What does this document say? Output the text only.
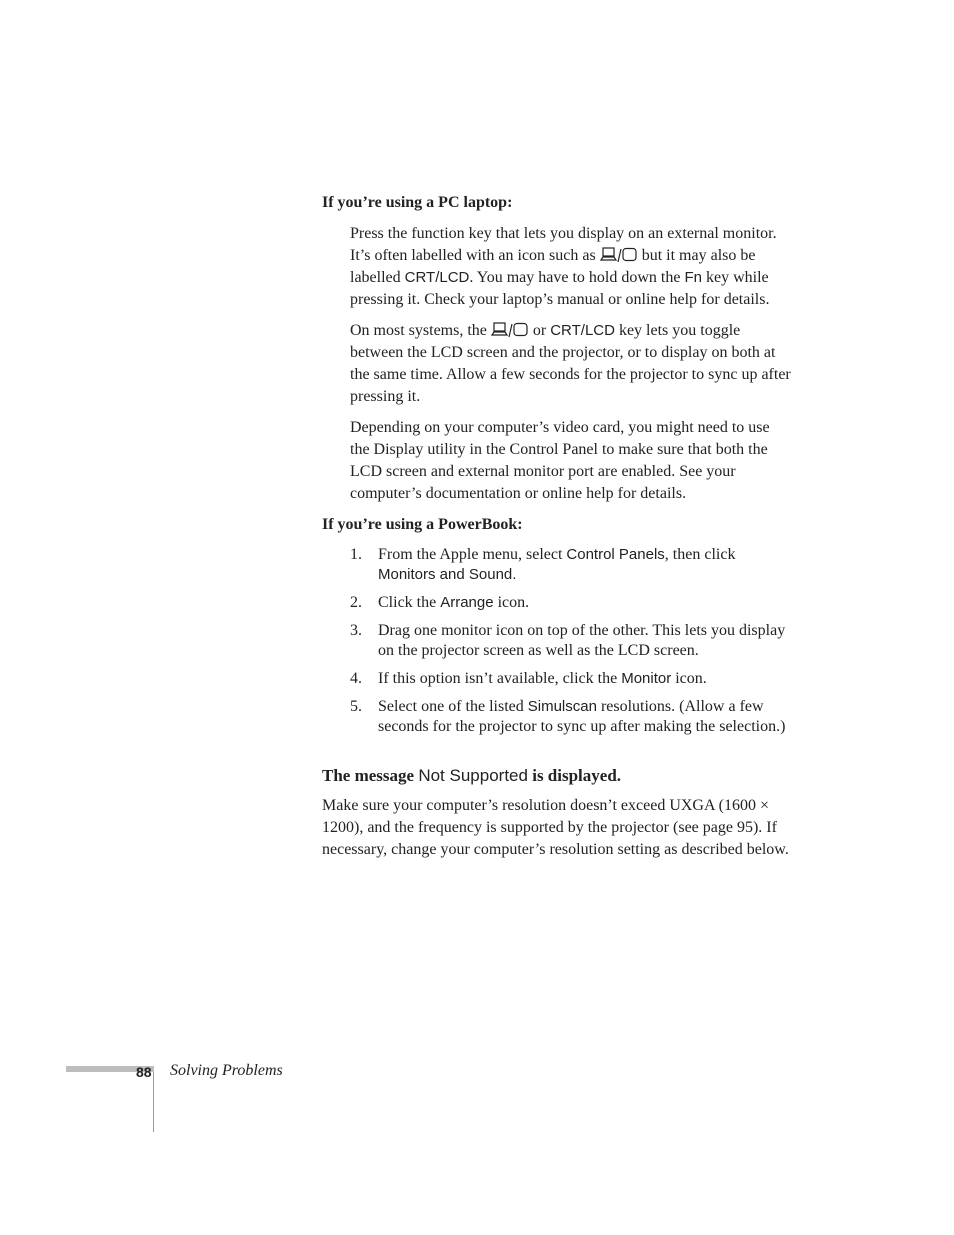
If you’re using a PC laptop:

Press the function key that lets you display on an external monitor. It’s often labelled with an icon such as  but it may also be labelled CRT/LCD. You may have to hold down the Fn key while pressing it. Check your laptop’s manual or online help for details.

On most systems, the  or CRT/LCD key lets you toggle between the LCD screen and the projector, or to display on both at the same time. Allow a few seconds for the projector to sync up after pressing it.

Depending on your computer’s video card, you might need to use the Display utility in the Control Panel to make sure that both the LCD screen and external monitor port are enabled. See your computer’s documentation or online help for details.

If you’re using a PowerBook:

1. From the Apple menu, select Control Panels, then click Monitors and Sound.
2. Click the Arrange icon.
3. Drag one monitor icon on top of the other. This lets you display on the projector screen as well as the LCD screen.
4. If this option isn’t available, click the Monitor icon.
5. Select one of the listed Simulscan resolutions. (Allow a few seconds for the projector to sync up after making the selection.)

The message Not Supported is displayed.

Make sure your computer’s resolution doesn’t exceed UXGA (1600 × 1200), and the frequency is supported by the projector (see page 95). If necessary, change your computer’s resolution setting as described below.

88 Solving Problems
